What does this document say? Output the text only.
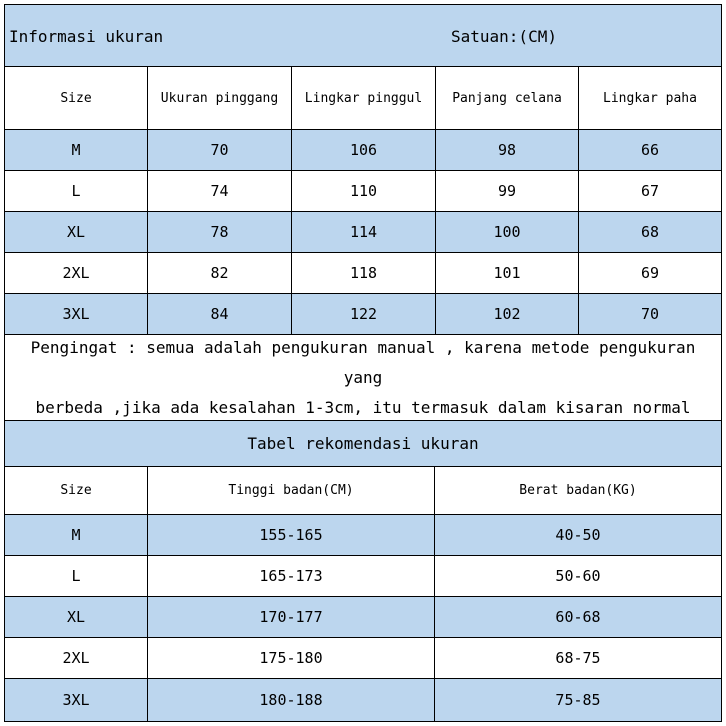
Informasi ukuran	Satuan:(CM)
Size	Ukuran pinggang	Lingkar pinggul	Panjang celana	Lingkar paha
M	70	106	98	66
L	74	110	99	67
XL	78	114	100	68
2XL	82	118	101	69
3XL	84	122	102	70
Pengingat : semua adalah pengukuran manual , karena metode pengukuran yang
berbeda ,jika ada kesalahan 1-3cm, itu termasuk dalam kisaran normal
Tabel rekomendasi ukuran
Size	Tinggi badan(CM)	Berat badan(KG)
M	155-165	40-50
L	165-173	50-60
XL	170-177	60-68
2XL	175-180	68-75
3XL	180-188	75-85
